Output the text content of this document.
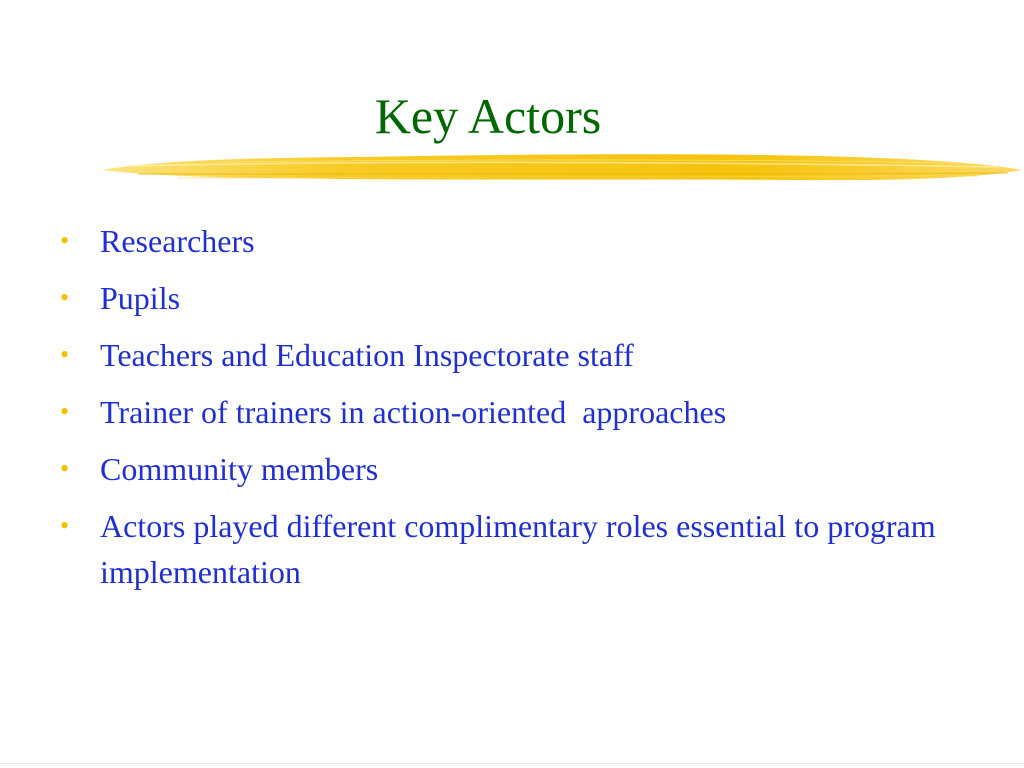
Key Actors
• Researchers
• Pupils
• Teachers and Education Inspectorate staff
• Trainer of trainers in action-oriented  approaches
• Community members
• Actors played different complimentary roles essential to program implementation
